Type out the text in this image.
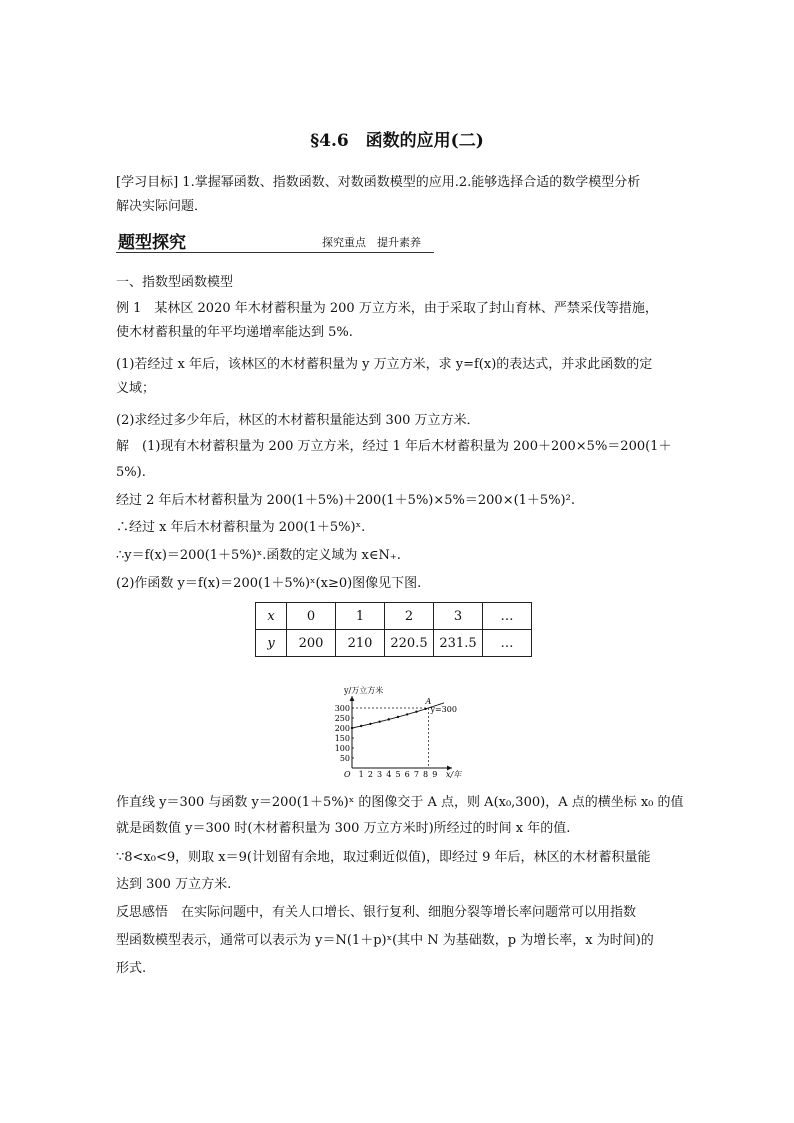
§4.6　函数的应用(二)
[学习目标] 1.掌握幂函数、指数函数、对数函数模型的应用.2.能够选择合适的数学模型分析
解决实际问题．
题型探究	探究重点　提升素养
一、指数型函数模型
例 1　某林区 2020 年木材蓄积量为 200 万立方米，由于采取了封山育林、严禁采伐等措施，
使木材蓄积量的年平均递增率能达到 5%.
(1)若经过 x 年后，该林区的木材蓄积量为 y 万立方米，求 y=f(x)的表达式，并求此函数的定
义域；
(2)求经过多少年后，林区的木材蓄积量能达到 300 万立方米．
解　(1)现有木材蓄积量为 200 万立方米，经过 1 年后木材蓄积量为 200＋200×5%＝200(1＋
5%).
经过 2 年后木材蓄积量为 200(1＋5%)＋200(1＋5%)×5%＝200×(1＋5%)².
∴经过 x 年后木材蓄积量为 200(1＋5%)ˣ.
∴y＝f(x)＝200(1＋5%)ˣ.函数的定义域为 x∈N₊.
(2)作函数 y＝f(x)＝200(1＋5%)ˣ(x≥0)图像见下图.
x	0	1	2	3	…
y	200	210	220.5	231.5	…
y/万立方米
x/年
O 1 2 3 4 5 6 7 8 9
50
100
150
200
250
300
A
y=300
作直线 y＝300 与函数 y＝200(1＋5%)ˣ 的图像交于 A 点，则 A(x₀,300)，A 点的横坐标 x₀ 的值
就是函数值 y＝300 时(木材蓄积量为 300 万立方米时)所经过的时间 x 年的值.
∵8<x₀<9，则取 x＝9(计划留有余地，取过剩近似值)，即经过 9 年后，林区的木材蓄积量能
达到 300 万立方米.
反思感悟　在实际问题中，有关人口增长、银行复利、细胞分裂等增长率问题常可以用指数
型函数模型表示，通常可以表示为 y＝N(1＋p)ˣ(其中 N 为基础数，p 为增长率，x 为时间)的
形式.
